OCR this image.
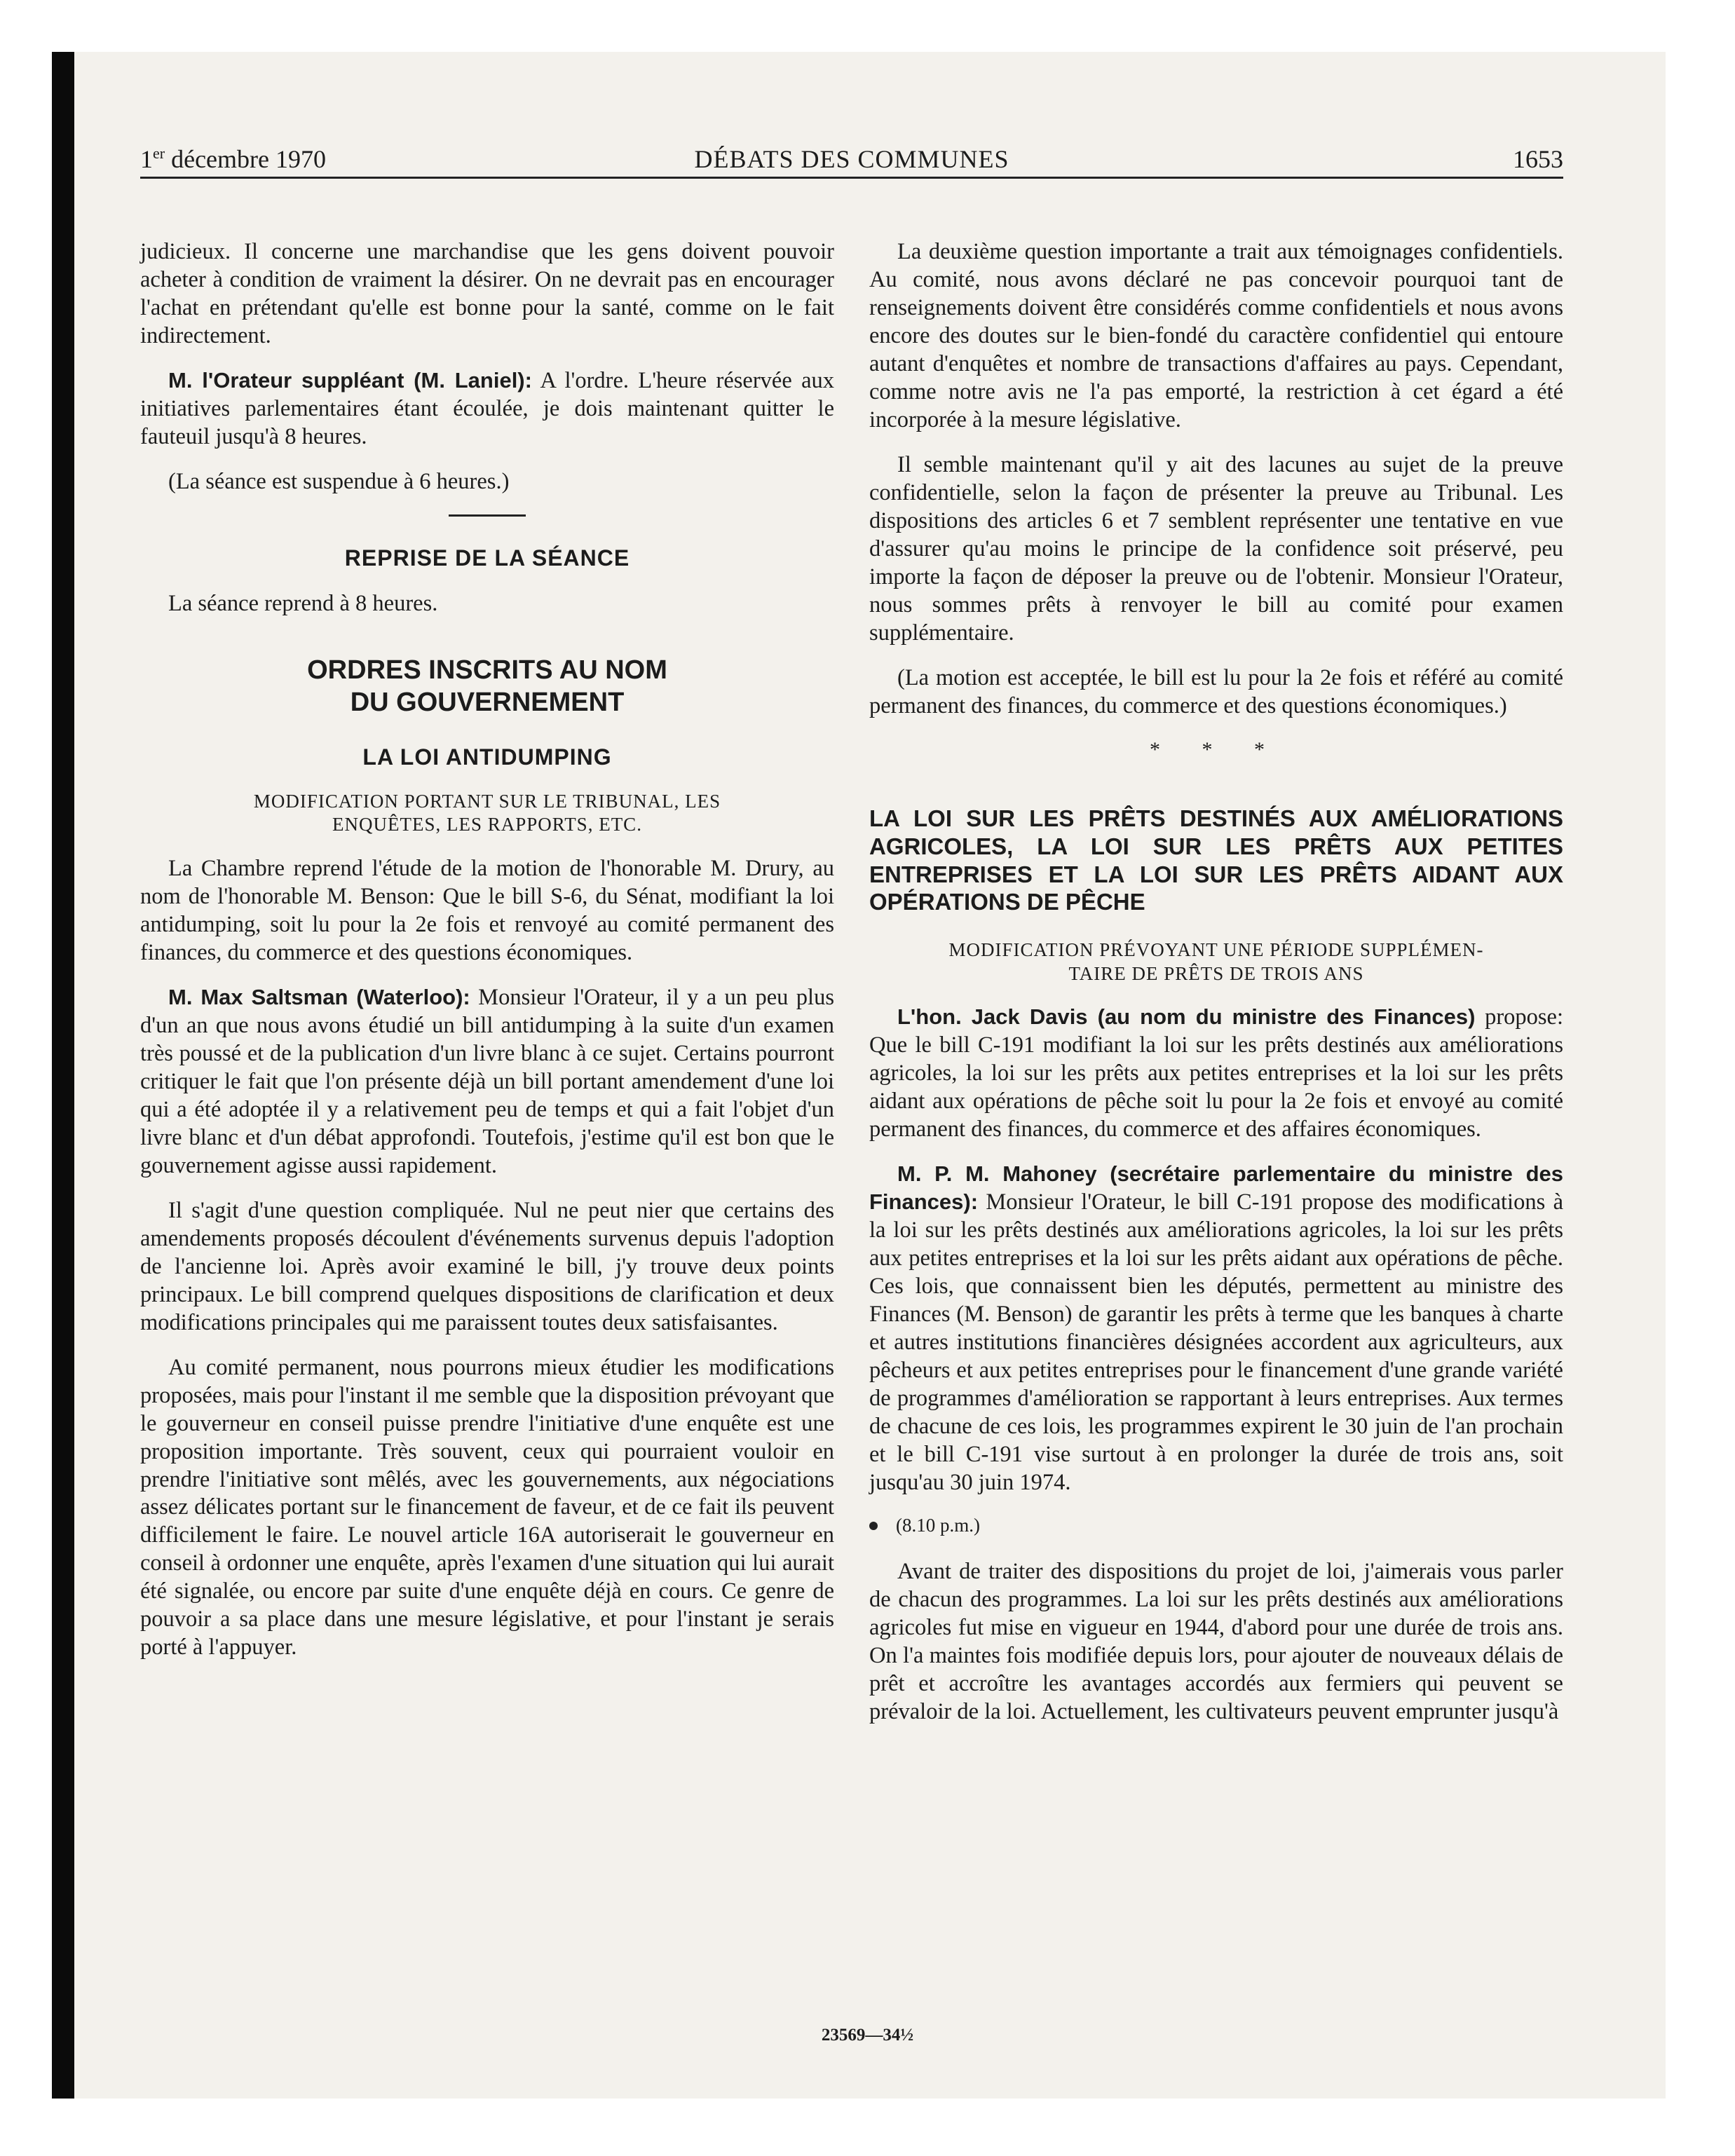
1er décembre 1970	DÉBATS DES COMMUNES	1653

judicieux. Il concerne une marchandise que les gens doivent pouvoir acheter à condition de vraiment la désirer. On ne devrait pas en encourager l'achat en prétendant qu'elle est bonne pour la santé, comme on le fait indirectement.

M. l'Orateur suppléant (M. Laniel): A l'ordre. L'heure réservée aux initiatives parlementaires étant écoulée, je dois maintenant quitter le fauteuil jusqu'à 8 heures.

(La séance est suspendue à 6 heures.)

REPRISE DE LA SÉANCE

La séance reprend à 8 heures.

ORDRES INSCRITS AU NOM
DU GOUVERNEMENT
LA LOI ANTIDUMPING
MODIFICATION PORTANT SUR LE TRIBUNAL, LES
ENQUÊTES, LES RAPPORTS, ETC.

La Chambre reprend l'étude de la motion de l'honorable M. Drury, au nom de l'honorable M. Benson: Que le bill S-6, du Sénat, modifiant la loi antidumping, soit lu pour la 2e fois et renvoyé au comité permanent des finances, du commerce et des questions économiques.

M. Max Saltsman (Waterloo): Monsieur l'Orateur, il y a un peu plus d'un an que nous avons étudié un bill antidumping à la suite d'un examen très poussé et de la publication d'un livre blanc à ce sujet. Certains pourront critiquer le fait que l'on présente déjà un bill portant amendement d'une loi qui a été adoptée il y a relativement peu de temps et qui a fait l'objet d'un livre blanc et d'un débat approfondi. Toutefois, j'estime qu'il est bon que le gouvernement agisse aussi rapidement.

Il s'agit d'une question compliquée. Nul ne peut nier que certains des amendements proposés découlent d'événements survenus depuis l'adoption de l'ancienne loi. Après avoir examiné le bill, j'y trouve deux points principaux. Le bill comprend quelques dispositions de clarification et deux modifications principales qui me paraissent toutes deux satisfaisantes.

Au comité permanent, nous pourrons mieux étudier les modifications proposées, mais pour l'instant il me semble que la disposition prévoyant que le gouverneur en conseil puisse prendre l'initiative d'une enquête est une proposition importante. Très souvent, ceux qui pourraient vouloir en prendre l'initiative sont mêlés, avec les gouvernements, aux négociations assez délicates portant sur le financement de faveur, et de ce fait ils peuvent difficilement le faire. Le nouvel article 16A autoriserait le gouverneur en conseil à ordonner une enquête, après l'examen d'une situation qui lui aurait été signalée, ou encore par suite d'une enquête déjà en cours. Ce genre de pouvoir a sa place dans une mesure législative, et pour l'instant je serais porté à l'appuyer.

La deuxième question importante a trait aux témoignages confidentiels. Au comité, nous avons déclaré ne pas concevoir pourquoi tant de renseignements doivent être considérés comme confidentiels et nous avons encore des doutes sur le bien-fondé du caractère confidentiel qui entoure autant d'enquêtes et nombre de transactions d'affaires au pays. Cependant, comme notre avis ne l'a pas emporté, la restriction à cet égard a été incorporée à la mesure législative.

Il semble maintenant qu'il y ait des lacunes au sujet de la preuve confidentielle, selon la façon de présenter la preuve au Tribunal. Les dispositions des articles 6 et 7 semblent représenter une tentative en vue d'assurer qu'au moins le principe de la confidence soit préservé, peu importe la façon de déposer la preuve ou de l'obtenir. Monsieur l'Orateur, nous sommes prêts à renvoyer le bill au comité pour examen supplémentaire.

(La motion est acceptée, le bill est lu pour la 2e fois et référé au comité permanent des finances, du commerce et des questions économiques.)

* * *
LA LOI SUR LES PRÊTS DESTINÉS AUX AMÉLIORATIONS AGRICOLES, LA LOI SUR LES PRÊTS AUX PETITES ENTREPRISES ET LA LOI SUR LES PRÊTS AIDANT AUX OPÉRATIONS DE PÊCHE
MODIFICATION PRÉVOYANT UNE PÉRIODE SUPPLÉMEN-
TAIRE DE PRÊTS DE TROIS ANS

L'hon. Jack Davis (au nom du ministre des Finances) propose: Que le bill C-191 modifiant la loi sur les prêts destinés aux améliorations agricoles, la loi sur les prêts aux petites entreprises et la loi sur les prêts aidant aux opérations de pêche soit lu pour la 2e fois et envoyé au comité permanent des finances, du commerce et des affaires économiques.

M. P. M. Mahoney (secrétaire parlementaire du ministre des Finances): Monsieur l'Orateur, le bill C-191 propose des modifications à la loi sur les prêts destinés aux améliorations agricoles, la loi sur les prêts aux petites entreprises et la loi sur les prêts aidant aux opérations de pêche. Ces lois, que connaissent bien les députés, permettent au ministre des Finances (M. Benson) de garantir les prêts à terme que les banques à charte et autres institutions financières désignées accordent aux agriculteurs, aux pêcheurs et aux petites entreprises pour le financement d'une grande variété de programmes d'amélioration se rapportant à leurs entreprises. Aux termes de chacune de ces lois, les programmes expirent le 30 juin de l'an prochain et le bill C-191 vise surtout à en prolonger la durée de trois ans, soit jusqu'au 30 juin 1974.

(8.10 p.m.)

Avant de traiter des dispositions du projet de loi, j'aimerais vous parler de chacun des programmes. La loi sur les prêts destinés aux améliorations agricoles fut mise en vigueur en 1944, d'abord pour une durée de trois ans. On l'a maintes fois modifiée depuis lors, pour ajouter de nouveaux délais de prêt et accroître les avantages accordés aux fermiers qui peuvent se prévaloir de la loi. Actuellement, les cultivateurs peuvent emprunter jusqu'à

23569—34½
